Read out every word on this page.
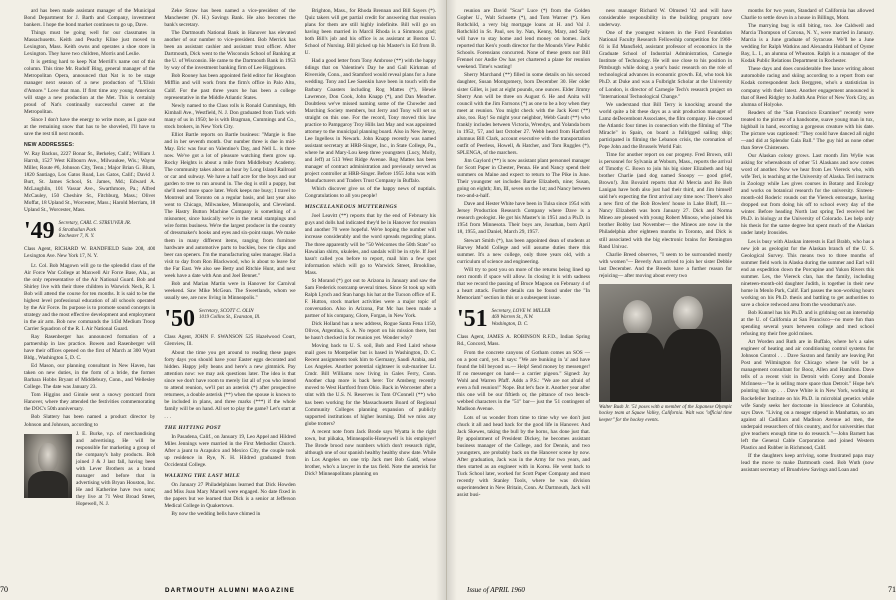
ard has been made assistant manager of the Municipal Bond Department for J. Barth and Company, investment bankers. I hope the bond market continues to go up, Dave.

Things must be going well for our classmates in Massachusetts. Keith and Peachy Kline just moved to Lexington, Mass. Keith owns and operates a shoe store in Lexington. They have two children, Morris and Leslie.

It is getting hard to keep Nat Merrill's name out of this column. This time Mr. Rudolf Bing, general manager of the Metropolitan Opera, announced that Nat is to be stage manager next season of a new production of "L'Elisir d'Amore." Love that man. If first time any young American will stage a new production at the Met. This is certainly proud of Nat's continually successful career at the Metropolitan.

Since I don't have the energy to write more, as I gaze out at the remaining snow that has to be shoveled, I'll have to save the rest till next month.

NEW ADDRESSES:

W. Ray Backus, 2227 Bonar St., Berkeley, Calif.; William J. Harrsh, 1527 West Kilbourn Ave., Milwaukee, Wis.; Wayne Miller, Route #6, Johnson City, Tenn.; Major Brian G. Blum, 1820 Santiago, Los Gatos Road, Los Gatos, Calif.; David J. Burt, St. James School, St. James, Md.; Edward A. McLaughlin, 101 Vassar Ave., Swarthmore, Pa.; Alfred McCauley, 150 Cheshire St., Fitchburg, Mass.; Oliver Moffat, 18 Upland St., Worcester, Mass.; Harold Merriam, 18 Upland St., Worcester, Mass.

'49 Secretary, CARL C. STREUVER JR.
6 Strathallan Park
Rochester 7, N. Y.
Class Agent, RICHARD W. BANDFIELD Suite 208, 400 Lexington Ave. New York 17, N. Y.

Lt. Col. Bob Magown will go to the splendid class of the Air Force War College at Maxwell Air Force Base, Ala., as the only representative of the Air National Guard. Bob and Shirley live with their three children in Warwick Neck, R. I. Bob will attend the course for ten months. It is said to be the highest level professional education of all schools operated by the Air Force. Its purpose is to promote sound concepts in strategy and the most effective development and employment in the air arm. Bob now commands the 143d Medium Troop Carrier Squadron of the R. I. Air National Guard.

Ray Rasenberger has announced formation of a partnership in law practice. Bowen and Rasenberger will have their offices opened on the first of March at 300 Wyatt Bldg., Washington 5, D. C.

Ed Mason, our planning consultant in New Haven, has taken on new duties, in the form of a bride, the former Barbara Hobbs Bryant of Middlebury, Conn., and Wellesley College. The date was January 23.

Tom Higgins and Ginnie sent a snowy postcard from Hanover, where they attended the festivities commemorating the DOC's 50th anniversary.

Bob Slattery has been named a product director by Johnson and Johnson, according to

J. E. Burke, v.p. of merchandising and advertising. He will be responsible for marketing a group of the company's baby products. Bob joined J & J last fall, having been with Lever Brothers as a brand manager and before that in advertising with Bryan Houston, Inc. He and Katherine have two sons; they live at 71 West Broad Street, Hopewell, N. J.

Zeke Straw has been named a vice-president of the Manchester (N. H.) Savings Bank. He also becomes the bank's secretary.

The Dartmouth National Bank in Hanover has elevated another of our number to vice-president. Bob Merrick has been an assistant cashier and assistant trust officer. After Dartmouth, Dick went to the Wisconsin School of Banking at the U. of Wisconsin. He came to the Dartmouth Bank in 1953 by way of the investment banking firm of Lee Higginson.

Bob Rooney has been appointed field editor for Houghton Mifflin and will work from the firm's office in Palo Alto, Calif. For the past three years he has been a college representative in the Middle Atlantic States.

Newly named to the Class rolls is Ronald Cummings, 8th Kimball Ave., Westfield, N. J. Don graduated from Tuck with many of us in 1950; he is with Bragman, Cummings and Co., stock brokers, in New York City.

Elliot Bartle reports on Bartle business: "Margie is fine and in her seventh month. Our number three is due in mid-May. Eric was four on Valentine's Day, and Nell L. is three now. We've got a lot of pleasure watching them grow up. Rocky Heights is about a mile from Middlebury Academy. The community takes about an hour by Long Island Railroad or car and subway. We have a half acre for the boys and our garden to tree to run around in. The dog is still a puppy, but she'll need more space later. Work keeps me busy; I travel to Montreal and Toronto on a regular basis, and last year also went to Chicago, Milwaukee, Minneapolis, and Cleveland. The Hastry Button Machine Company is something of a misnomer, since basically we're in the metal stampings and wire forms business. We're the largest producer in the country of dressmaker's hooks and eyes and six-point snaps. We make them in many different items, ranging from furniture hardware and automotive parts to buckles, bow tie clips and beer can openers. I'm the manufacturing sales manager. Had a visit to day from Ron Blackwood, who is about to leave for the Far East. We also see Betty and Ritchie Hunt, and next week have a date with Ann and Joel Bennet."

Bob and Marian Martin were in Hanover for Carnival weekend. Saw Mike McGean. The Sweetlands, whom we usually see, are now living in Minneapolis."

'50 Secretary, SCOTT C. OLIN
1019 Collins St., Evanston, Ill.
Class Agent, JOHN F. SWANSON 525 Hazelwood Court, Glenview, Ill.

About the time you get around to reading these pages forty days you should have your Easter eggs decorated and hidden. Happy jelly beans and here's a new gimmick. Pay attention now: we may ask questions later. The idea is that since we don't have room to merely list all of you who intend to attend reunion, we'll put an asterisk (*) after prospective returnees, a double asterisk (**) when the spouse is known to be included in plans, and three marks (***) if the whole family will be on hand. All set to play the game? Let's start at . . .

THE HITTING POST

In Pasadena, Calif., on January 19, Leo Appel and Hildred Miles Jennings were married in the First Methodist Church. After a jaunt to Acapulco and Mexico City, the couple took up residence in Rye, N. H. Hildred graduated from Occidental College.

WALKING THE LAST MILE

On January 27 Philadelphians learned that Dick Howden and Miss Joan Mary Marsell were engaged. No date fixed in the papers but we learned that Dick is a senior at Jefferson Medical College in Quakertown.

By now the wedding bells have chimed in

Brighton, Mass., for Rhoda Brennan and Bill Sayers (*). Quiz takers will get partial credit for answering that reunion plans for them are still highly indefinite. Bill will go on having been married in Marcil Rhoda is a Simmons grad; both Bill's job and his office is as assistant at Boston U. School of Nursing. Bill picked up his Master's in Ed from B. U.

Had a good letter from Tony Ambrose (**) with the happy tidings that on Valentine's Day he and Gail Kirkman of Riverside, Conn., and Stamford would reveal plans for a June wedding. Tony and Lee Saenkin have been in touch with the Barbary Coasters including Rog Mattes (*), Hewie Lawrence, Don Cook, John Knapp (*), and Dan Meacher. Doubtless we've missed naming some of the Chowder and Marching Society members, but Jerry and Tony will set us straight on this one. For the record, Tony moved this law practice to Pampgaroy Troy Hills last May and was appointed attorney to the municipal planning board. Also in New Jersey, Lee Ingelless in Newark. John Knapp recently was named assistant secretary at HRB-Singer, Inc., in State College, Pa., where he and Mary-Lou keep three youngsters (Lucy, Molly, and Jeff) at 513 West Ridge Avenue. Rog Mattes has been manager of contract administration and previously served as project controller at HRB-Singer. Before 1955 John was with Manufacturers and Traders Trust Company in Buffalo.

Which discover give us of the happy news of nuptials. Congratulations to all you people!

MISCELLANEOUS MUTTERINGS

Joel Leavitt (**) reports that by the end of February his guys and dolls had indicated they'd be in Hanover for reunion and another 70 were hopeful. We're hoping the number will increase considerably and the word spreads regarding plans. The three apparently will be "50 Welcomes the 50th State" so Hawaiian shirts, ukuleles, and sandals will be in style. If Joel hasn't called you before to report, mail him a few spot information which will go to Warwick Street, Brookline, Mass.

St Morand (*) got out to Arizona in January and saw the Sam Frederick rootcamp several times. Since St took up with Ralph Lynch and Stan hangs his hat at the Tucson office of E. F. Hutton, stock market activities were a major topic of conversation. Also in Arizona, Pat Mc has been made a partner of his company, Glore, Forgan, in New York.

Dick Holland has a new address, Rogue Santa Fena 1150, Olivos, Argentina, S. A. No report on his mission there, but he hasn't checked in for reunion yet. Wonder why?

Moving back to U. S. soil, Bob and Fred Laird whose mail goes to Montpelier but is based in Washington, D. C. Recent assignments took him to Germany, Saudi Arabia, and Los Angeles. Another potential sightseer is sub-mariner Lt. Cmdr. Bill Williams now living in Gales Ferry, Conn. Another chap more is back here: Tor Amsberg recently moved to West Hartford from Ohio. Back in Worcester after a stint with the U.S. N. Reserves is Tom O'Connell (**) who has been working for the Massachusetts Board of Regional Community Colleges planning expansion of publicly supported institutions of higher learning. Did we miss any globe trotters?

A recent note from Jack Brode says Wyatta is the right town, but piikaka, Minneapolis-Honeywell is his employer! The Brode brood now numbers which don't research right, although one of our spanish healthy healthy show date. While in Los Angeles on one trip Jack met Bob Gadd, whose brother, who's a lawyer in the tax field. Note the asterisk for Dick? Minneapolitans planning on

70	DARTMOUTH ALUMNI MAGAZINE

reunion are David "Scar" Luce (*) from the Golden Gopher U., Walt Schuette (*), and Tom Warner (*). Ken Rothchild, a very big mortgage loans at H. and Val J. Rothchild in St. Paul, sex by. Nan, Kenny, Mary, and Sally will have to stay home and lend money on homes. Jack reported that Ken's youth director for the Mounds View Public Schools. Forensians concurred. None of these gents nor Bill Frennel nor Andie Ow has yet chartered a plane for reunion weekend. Time's wasting!

Sherry Marchand (**) filled in some details on his second daughter, Susan Montgomery, born December 30. Her older sister Gillet, is just at eight pounds, one ounces. Elder Jimmy Sherry Ann will be three on August 6. He and Anita will council with the Jim Farrsons (*) as one to be a boy when they meet at reunion. You might check with the Jack Kent (**) also, too. Ray! So might your neighbor, Webb Gault (**) who frankly includes between Victoria, Wrendys, and Yolanda born in 1952, '57, and last October 27. Webb heard from Hartford alumnus Bill Clark, account executive with the transportation outfit of Peerless, Howell, & Hatcher, and Tom Ruggles (*), SPLENGA, of the marchers.

Jim Gaylord (**) is now assistant plant personnel manager for Scott Paper in Chester, Penna. He and Nancy spend their summers on Maine and expect to return to The Pike in June. Their youngster set includes Barrie Elizabeth, nine; Susan, going on eighth; Jim, III, seven on the 1st; and Nancy between two-and-a-half.

Dave and Hester White have been in Tulsa since 1954 with Jersey Production Research Company where Dave is a research geologist. He got his Master's in 1951 and a Ph.D. in 1954 from Minnesota. Their boys are, Jonathan, born April 18, 1955, and Daniel, March 29, 1957.

Stewart Smith (*), has been appointed dean of students at Harvey Mudd College and will assume duties there this summer. It's a new college, only three years old, with a curriculum of science and engineering.

Will try to post you on more of the returns being lined up next month if space will allow. In closing it is with sadness that we record the passing of Bruce Magoon on February 4 of a heart attack. Further details can be found under the "In Memoriam" section in this or a subsequent issue.

'51 Secretary, LOVE W. MILLER
469 Warren St., N.W.
Washington, D. C.
Class Agent, JAMES A. ROBINSON R.F.D., Indian Spring Rd., Concord, Mass.

From the concrete canyons of Gotham comes an SOS — on a post card, yet. It says: "We are bunking in 'a' and have found the bill beyond us.— Help! Send money by messenger! If no messenger on hand— a carrier pigeon." Signed: Jay Wohl and Warren Pfaff. Adds a P.S.: "We are not afraid of even a full reunion!" Nope. But let's face it. Another year after this one will be our fiftieth or, the pittance of two bench-webbed characters in the "51" bar— just the '51 contingent of Madison Avenue.

Lots of us wonder from time to time why we don't just chuck it all and head back for the good life in Hanover. And Jack Skewes, taking the bull by the horns, has done just that. By appointment of President Dickey, he becomes assistant business manager of the College, and for Dennis, and two youngsters, are probably back on the Hanover scene by now. After graduation, Jack was in the Army for two years, and then started as an engineer with in Korea. He went back to Tuck School later, worked for Scott Paper Company and most recently with Stanley Tools, where he was division superintendent in New Britain, Conn. At Dartmouth, Jack will assist busi-

ness manager Richard W. Olmsted '42 and will have considerable responsibility in the building program now underway.

One of the youngest winners in the Ford Foundation National Faculty Research Fellowship competition for 1960-61 is Ed Mansfield, assistant professor of economics in the Graduate School of Industrial Administration, Carnegie Institute of Technology. He will use close to his position in Pittsburgh while doing a year's basic research on the role of technological advances in economic growth. Ed, who took his Ph.D. at Duke and was a Fulbright Scholar at the University of London, is director of Carnegie Tech's research project on "International Technological Change."

We understand that Bill Terry is knocking around the world quite a bit these days as a unit production manager of Lamz deDecembont Associates, the film company. He crossed the Atlantic four times in connection with the filming of "The Miracle" in Spain, on board a fullrigged sailing ship; participated in filming the Lebanon crisis, the coronation of Pope John and the Brussels World Fair.

Time for another report on our progeny. Fred Brown, still is personnel for Sylvania at Woburn, Mass., reports the arrival of Timothy C. Bown to join his big sister Elizabeth and big brother Charlie (and dog named Snoopy — good grief, Brown!). Jim Bovaird reports that Al Mercia and Bo Bob Lanigan have both also just had their third, and Jim himself said he's expecting the first arrival any time now: There's also a new first of the Bob Bowlers' house in Lake Bluff, Ill.—Nancy Elizabeth was born January 27. Dick and Norma Mineo are pleased with young Robert Minoso, who joined his brother Bobby last November— the Mineos are now in the Philadelphia after eighteen months in Toronto, and Dick is still associated with the big electronic brains for Remington Rand Univac.

Charlie Breed observes, "I seem to be surrounded mostly with women"— Beverly Ann arrived to join her sister Debbie last December. And the Breeds have a further reason for rejoicing— after moving about every two

Walter Bush Jr. '51 poses with a member of the Japanese Olympic hockey team at Squaw Valley, California. Walt was "official time keeper" for the hockey events.

months for two years, Standard of California has allowed Charlie to settle down in a house in Billings, Mont.

The marrying bug is still biting, too. Joe Caldwell and Marcia Thompson of Corona, N. Y., were married in January. Marcia is a June graduate of Syracuse. We'll be a June wedding for Ralph Watkins and Alexandra Hubbard of Oyster Bay, L. I., an alumna of Wheaton. Ralph is a manager of the Kodak Public Relations Department in Rochester.

These days and does considerable free lance writing about automobile racing and skiing according to a report from our Kodak correspondent Jack Berggren, who's a statistician in company with their latest. Another engagement announced is that of Reed Ridgley to Judith Ann Prior of New York City, an alumna of Holyoke.

Readers of the "San Francisco Examiner" recently were treated to the picture of a handsome, suave young man in tux, highball in hand, escorting a gorgeous creature with his date. The picture was captioned: "They could have danced all night—and did at Splendor Gala Ball." The guy hid as none other than Steve Chistensen.

Our Alaskan colony grows. Last month Jim Wylie was asking for whereabouts of other '51 Alaskans and now comes word of another. Now we hear from Les Viereck who, with wife Teri, is teaching at the University of Alaska. Teri instructs in Zoology while Les gives courses in Botany and Ecology and works on botanical research for the university. Sixteen-month-old Roderic rounds out the Viereck entourage, having dropped out from doing his off to school every day of the winter. Before heading North last spring Ted received her Ph.D. in biology at the University of Colorado. Les help only his thesis for the same degree but spent much of the Alaskan under lately Ironsides.

Les is busy with Alaskan interests is Earl Brabb, who has a new job as geologist for the Alaskan branch of the U. S. Geological Survey. This means two to three months of summer field work in Alaska during the summer and Earl will end an expedition down the Porcupine and Yukon Rivers this summer. Les, the Viereck clan, has the family, including nineteen-month-old daughter Judith, is together in their new home in Menlo Park, Calif. Earl passes the non-working hours working on his Ph.D. thesis and battling to get authorities to save a choice redwood area from the woodsman's axe.

Bob Kunnel has his Ph.D. and is gridning out an internship at the U. of California at San Francisco—no more fun than spending several years between college and med school refusing my their free gold mines.

Art Worden and Ruth are in Buffalo, where he's a sales engineer of heating and air conditioning control systems for Johnson Control . . . Dave Saxton and family are leaving Pat Post and Wilmington for Chicago where he will be a management consultant for Booz, Allen and Hamilton. Dave tells of a recent visit in Detroit with Corey and Donnie McInness—"he is selling more space than Detroit." Hope he's pointing him up . . . Dave White is in New York, working at Rockefeller Institute on his Ph.D. in microbial genetics while wife Sandy seeks her doctorate in bioscience at Columbia, says Dave. "Living on a meager stipend in Manhattan, so am against all Cadillacs and Madison Avenue ad men, the underpaid researchers of this country, and for universities that give teachers enough time to do research."—John Barnett has left the General Cable Corporation and joined Western Plastics and Rubber in Richmond, Calif.

If the daughters keep arriving, some frustrated papa may lead the move to make Dartmouth coed. Bob Wuth (now assistant secretary of Broadview Savings and Loan and

Issue of APRIL 1960	71
